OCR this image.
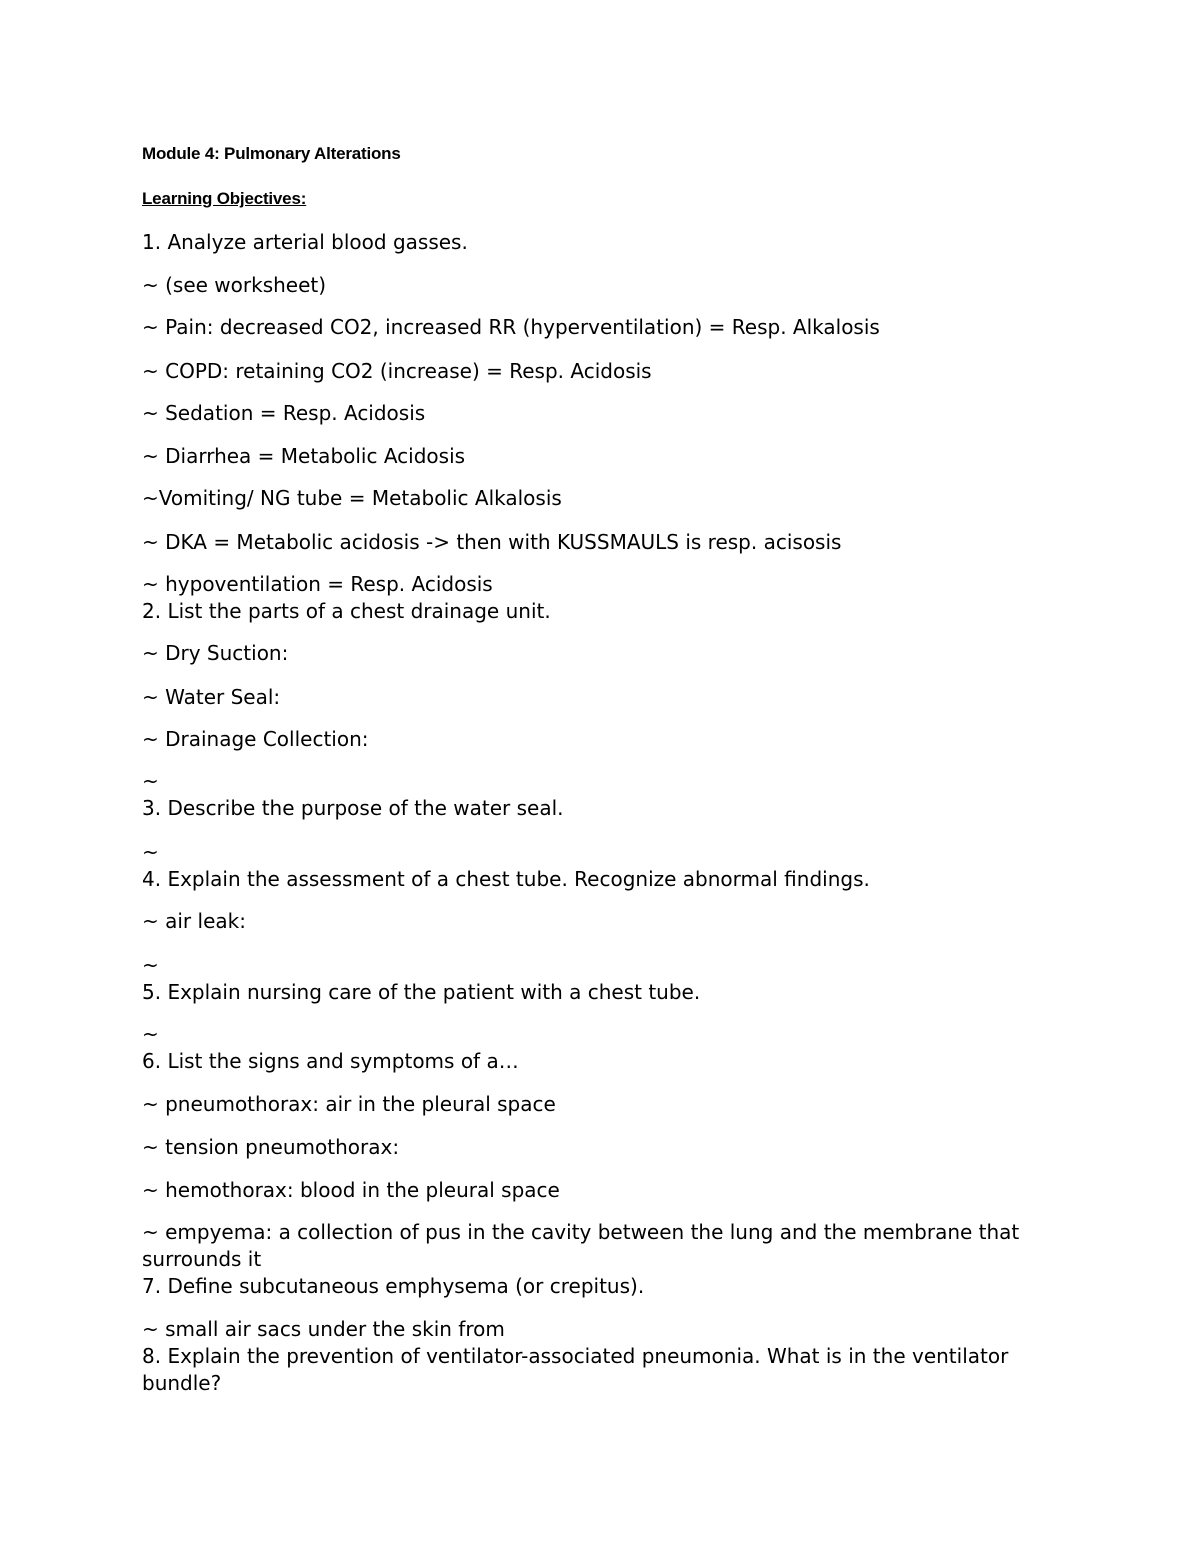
Module 4: Pulmonary Alterations
Learning Objectives:
1. Analyze arterial blood gasses.
~ (see worksheet)
~ Pain: decreased CO2, increased RR (hyperventilation) = Resp. Alkalosis
~ COPD: retaining CO2 (increase) = Resp. Acidosis
~ Sedation = Resp. Acidosis
~ Diarrhea = Metabolic Acidosis
~Vomiting/ NG tube = Metabolic Alkalosis
~ DKA = Metabolic acidosis -> then with KUSSMAULS is resp. acisosis
~ hypoventilation = Resp. Acidosis
2. List the parts of a chest drainage unit.
~ Dry Suction:
~ Water Seal:
~ Drainage Collection:
~
3. Describe the purpose of the water seal.
~
4. Explain the assessment of a chest tube. Recognize abnormal findings.
~ air leak:
~
5. Explain nursing care of the patient with a chest tube.
~
6. List the signs and symptoms of a…
~ pneumothorax: air in the pleural space
~ tension pneumothorax:
~ hemothorax: blood in the pleural space
~ empyema: a collection of pus in the cavity between the lung and the membrane that surrounds it
7. Define subcutaneous emphysema (or crepitus).
~ small air sacs under the skin from
8. Explain the prevention of ventilator-associated pneumonia. What is in the ventilator bundle?
